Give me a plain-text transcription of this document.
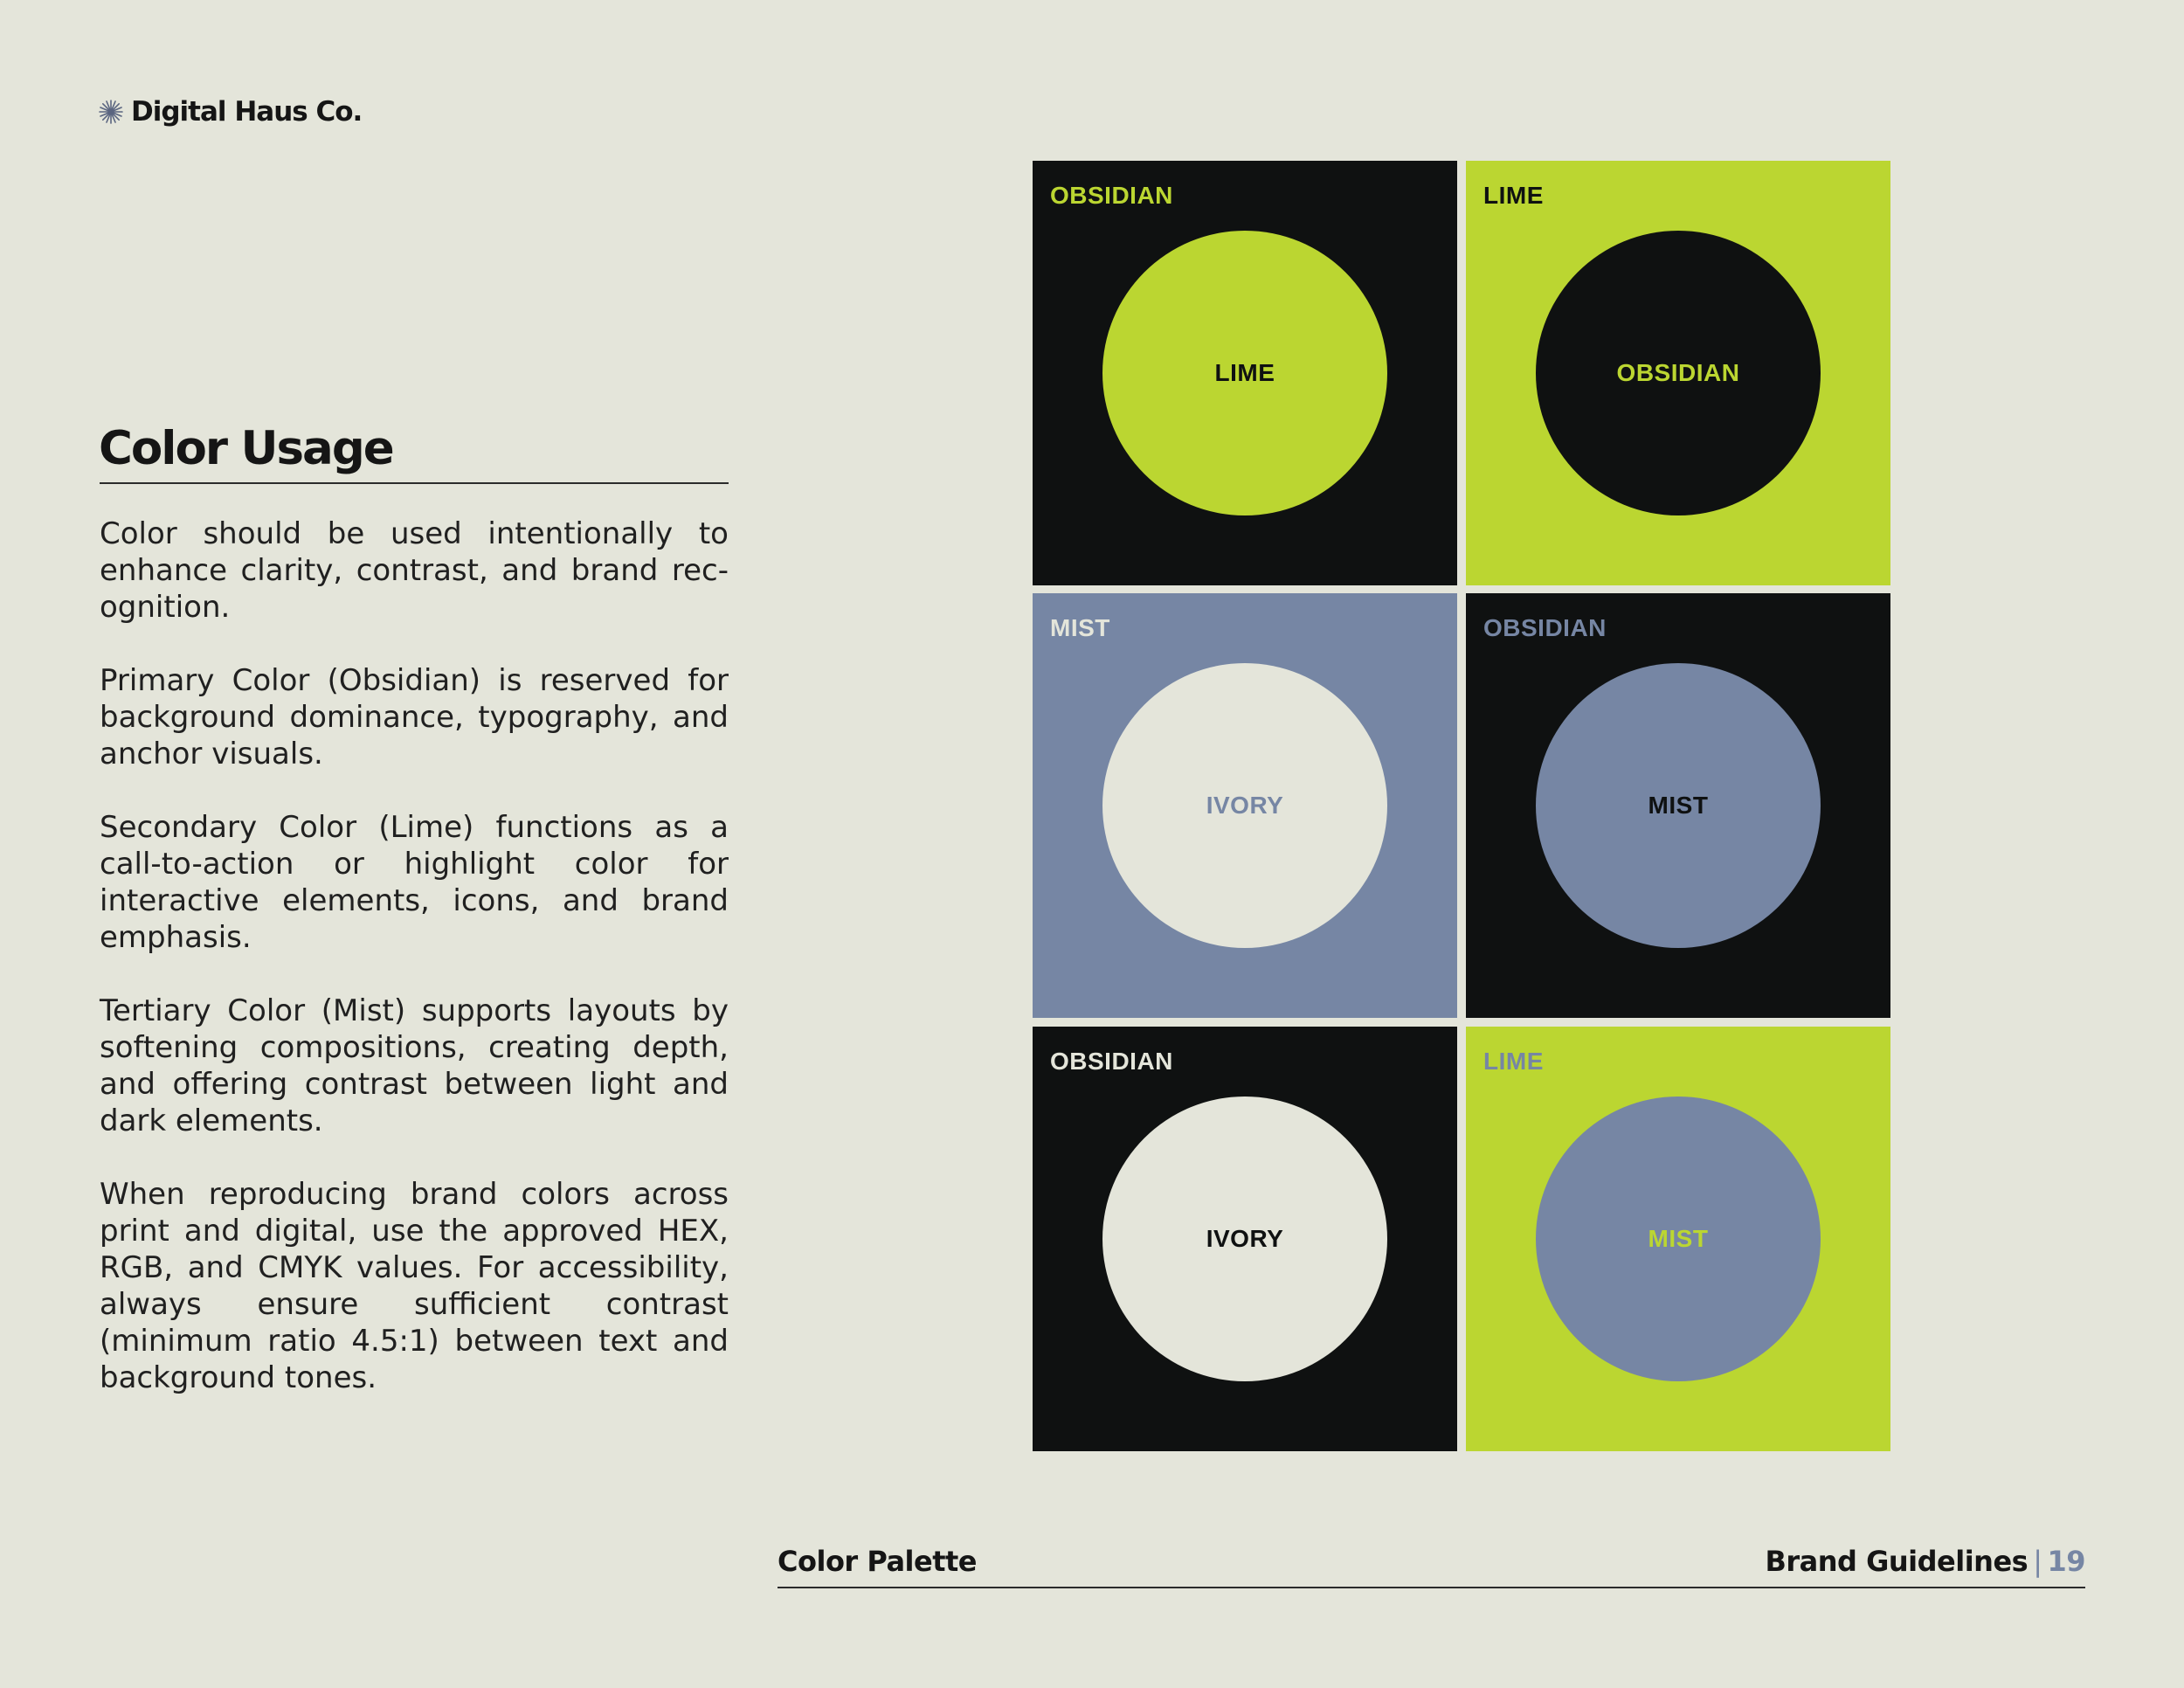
Digital Haus Co.
Color Usage

Color should be used intentionally to enhance clarity, contrast, and brand recognition.

Primary Color (Obsidian) is reserved for background dominance, typography, and anchor visuals.

Secondary Color (Lime) functions as a call-to-action or highlight color for interactive elements, icons, and brand emphasis.

Tertiary Color (Mist) supports layouts by softening compositions, creating depth, and offering contrast between light and dark elements.

When reproducing brand colors across print and digital, use the approved HEX, RGB, and CMYK values. For accessibility, always ensure sufficient contrast (minimum ratio 4.5:1) between text and background tones.

OBSIDIAN
LIME
LIME
OBSIDIAN
MIST
IVORY
OBSIDIAN
MIST
OBSIDIAN
IVORY
LIME
MIST
Color Palette	Brand Guidelines | 19
